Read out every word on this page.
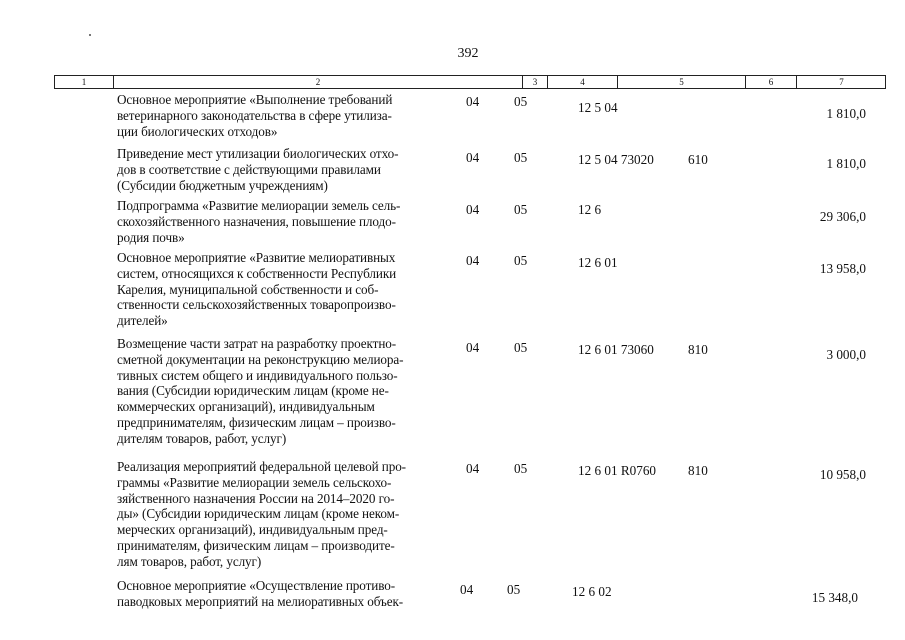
392
1	2	3	4	5	6	7
Основное мероприятие «Выполнение требований
ветеринарного законодательства в сфере утилиза-
ции биологических отходов»
04	05	12 5 04	1 810,0
Приведение мест утилизации биологических отхо-
дов в соответствие с действующими правилами
(Субсидии бюджетным учреждениям)
04	05	12 5 04 73020	610	1 810,0
Подпрограмма «Развитие мелиорации земель сель-
скохозяйственного назначения, повышение плодо-
родия почв»
04	05	12 6	29 306,0
Основное мероприятие «Развитие мелиоративных
систем, относящихся к собственности Республики
Карелия, муниципальной собственности и соб-
ственности сельскохозяйственных товаропроизво-
дителей»
04	05	12 6 01	13 958,0
Возмещение части затрат на разработку проектно-
сметной документации на реконструкцию мелиора-
тивных систем общего и индивидуального пользо-
вания (Субсидии юридическим лицам (кроме не-
коммерческих организаций), индивидуальным
предпринимателям, физическим лицам – произво-
дителям товаров, работ, услуг)
04	05	12 6 01 73060	810	3 000,0
Реализация мероприятий федеральной целевой про-
граммы «Развитие мелиорации земель сельскохо-
зяйственного назначения России на 2014–2020 го-
ды» (Субсидии юридическим лицам (кроме неком-
мерческих организаций), индивидуальным пред-
принимателям, физическим лицам – производите-
лям товаров, работ, услуг)
04	05	12 6 01 R0760	810	10 958,0
Основное мероприятие «Осуществление противо-
паводковых мероприятий на мелиоративных объек-
04	05	12 6 02	15 348,0
